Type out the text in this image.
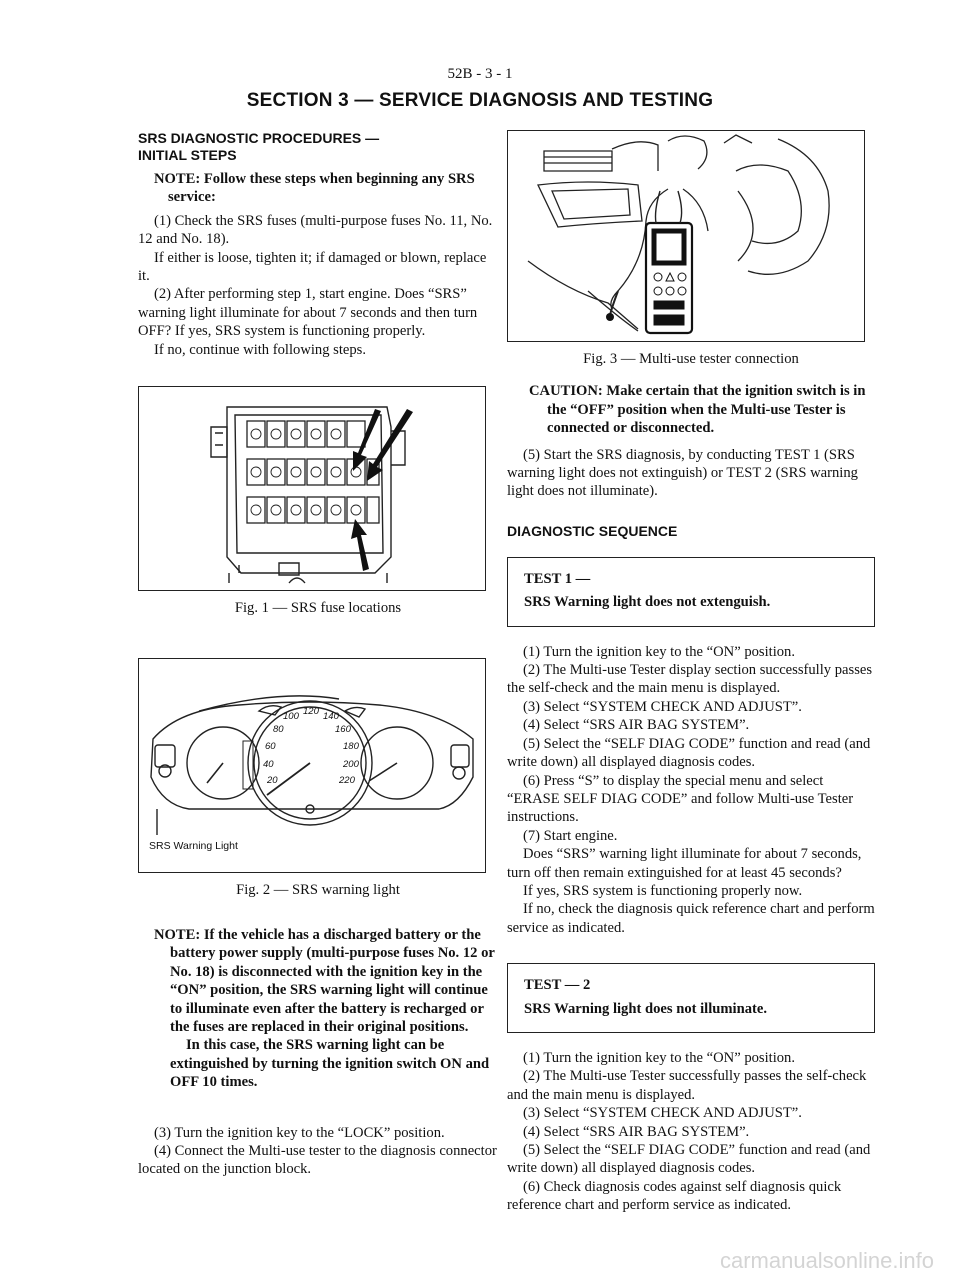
52B - 3 - 1
SECTION 3 — SERVICE DIAGNOSIS AND TESTING
SRS DIAGNOSTIC PROCEDURES —
INITIAL STEPS

NOTE: Follow these steps when beginning any SRS service:

(1) Check the SRS fuses (multi-purpose fuses No. 11, No. 12 and No. 18).

If either is loose, tighten it; if damaged or blown, replace it.

(2) After performing step 1, start engine. Does “SRS” warning light illuminate for about 7 seconds and then turn OFF? If yes, SRS system is functioning properly.

If no, continue with following steps.

Fig. 1 — SRS fuse locations
100 120 140
80	160
60	180
40	200
20	220
SRS Warning Light
Fig. 2 — SRS warning light

NOTE: If the vehicle has a discharged battery or the battery power supply (multi-purpose fuses No. 12 or No. 18) is disconnected with the ignition key in the “ON” position, the SRS warning light will continue to illuminate even after the battery is recharged or the fuses are replaced in their original positions.

In this case, the SRS warning light can be extinguished by turning the ignition switch ON and OFF 10 times.

(3) Turn the ignition key to the “LOCK” position.

(4) Connect the Multi-use tester to the diagnosis connector located on the junction block.

Fig. 3 — Multi-use tester connection

CAUTION: Make certain that the ignition switch is in the “OFF” position when the Multi-use Tester is connected or disconnected.

(5) Start the SRS diagnosis, by conducting TEST 1 (SRS warning light does not extinguish) or TEST 2 (SRS warning light does not illuminate).

DIAGNOSTIC SEQUENCE
TEST 1 —
SRS Warning light does not extenguish.

(1) Turn the ignition key to the “ON” position.

(2) The Multi-use Tester display section successfully passes the self-check and the main menu is displayed.

(3) Select “SYSTEM CHECK AND ADJUST”.

(4) Select “SRS AIR BAG SYSTEM”.

(5) Select the “SELF DIAG CODE” function and read (and write down) all displayed diagnosis codes.

(6) Press “S” to display the special menu and select “ERASE SELF DIAG CODE” and follow Multi-use Tester instructions.

(7) Start engine.

Does “SRS” warning light illuminate for about 7 seconds, turn off then remain extinguished for at least 45 seconds?

If yes, SRS system is functioning properly now.

If no, check the diagnosis quick reference chart and perform service as indicated.

TEST — 2
SRS Warning light does not illuminate.

(1) Turn the ignition key to the “ON” position.

(2) The Multi-use Tester successfully passes the self-check and the main menu is displayed.

(3) Select “SYSTEM CHECK AND ADJUST”.

(4) Select “SRS AIR BAG SYSTEM”.

(5) Select the “SELF DIAG CODE” function and read (and write down) all displayed diagnosis codes.

(6) Check diagnosis codes against self diagnosis quick reference chart and perform service as indicated.

carmanualsonline.info
